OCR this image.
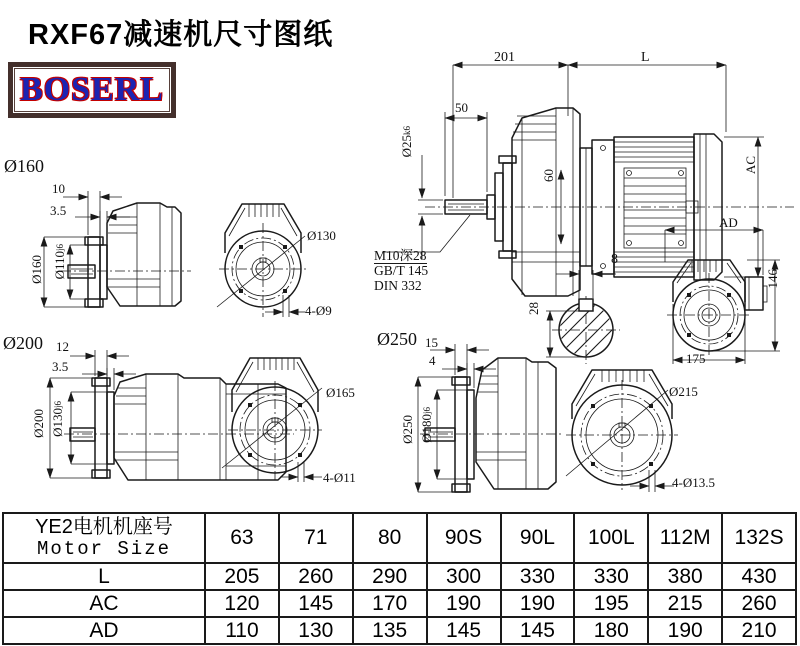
RXF67减速机尺寸图纸
BOSERL
Ø160
Ø200	Ø250
M10深28
GB/T 145
DIN 332
201	L
50
8
AD
175
10
3.5
Ø130
4-Ø9
12
3.5
Ø165
4-Ø11
15
4
Ø215
4-Ø13.5
Ø25k6
60
AC
28
146
Ø160 Ø110j6
Ø200 Ø130j6
Ø250 Ø180j6
YE2电机机座号
Motor Size	63	71	80	90S	90L	100L	112M	132S
L	205	260	290	300	330	330	380	430
AC	120	145	170	190	190	195	215	260
AD	110	130	135	145	145	180	190	210
